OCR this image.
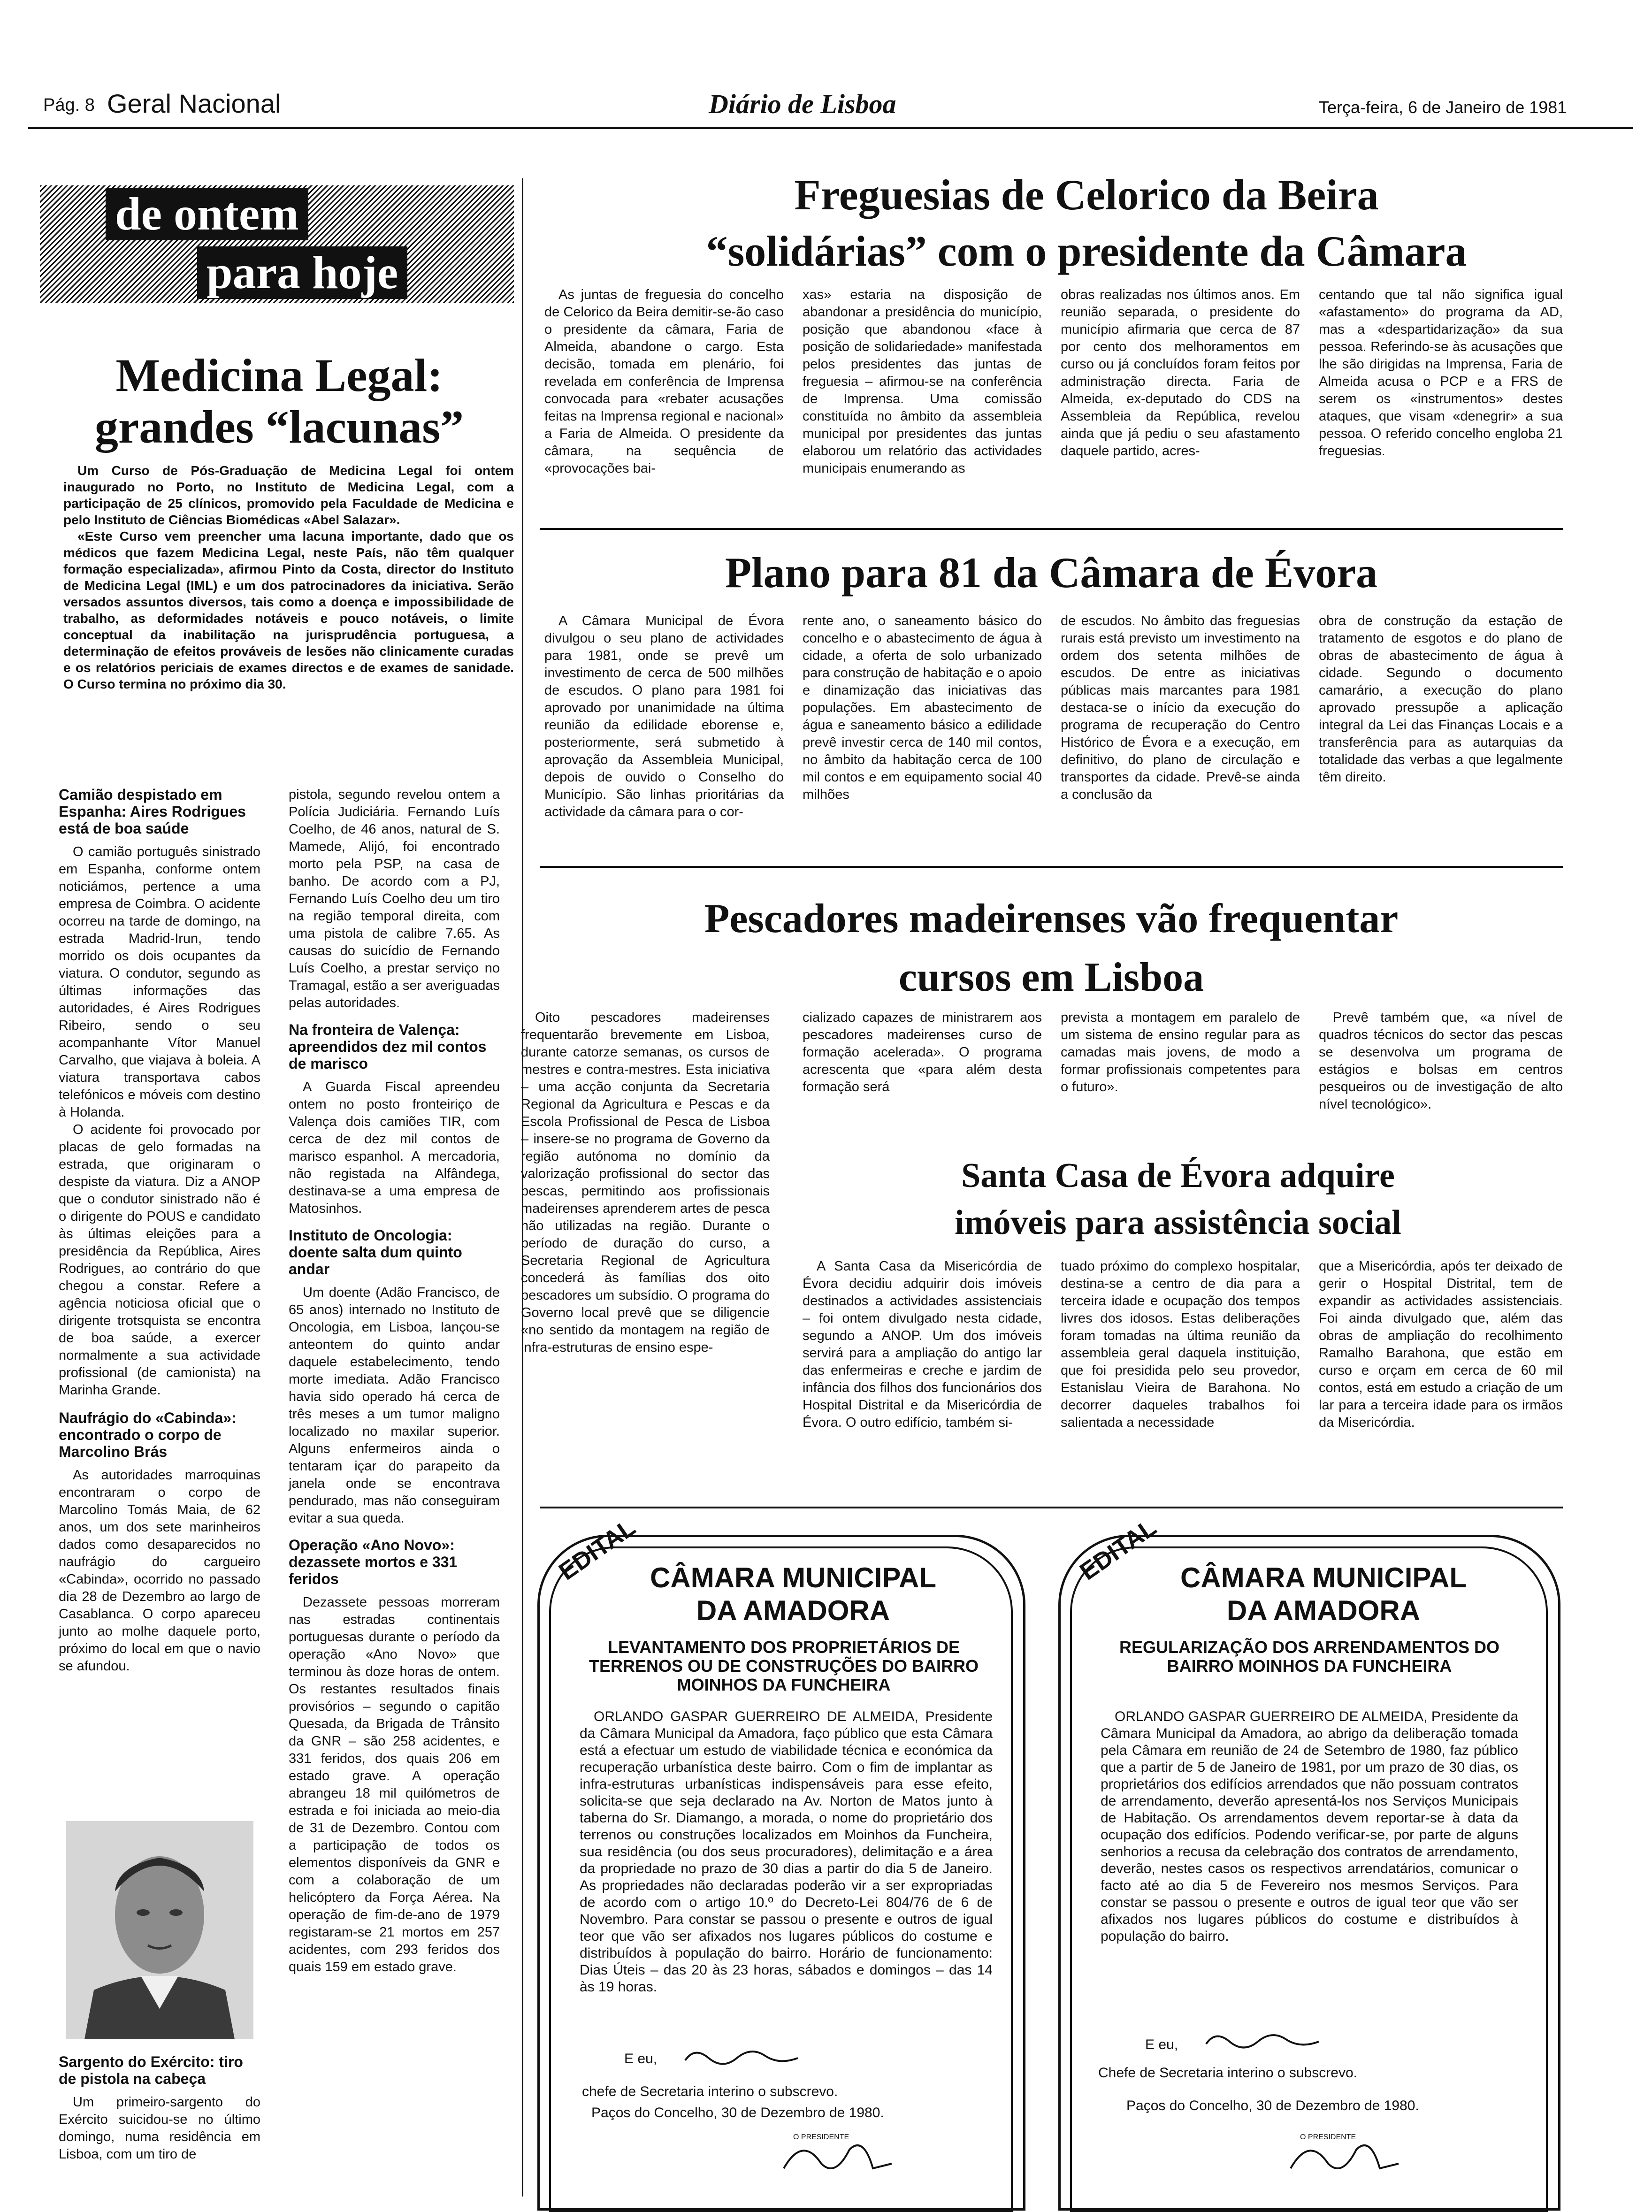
Pág. 8 Geral Nacional	Diário de Lisboa	Terça-feira, 6 de Janeiro de 1981
de ontem
para hoje
Medicina Legal:
grandes “lacunas”

Um Curso de Pós-Graduação de Medicina Legal foi ontem inaugurado no Porto, no Instituto de Medicina Legal, com a participação de 25 clínicos, promovido pela Faculdade de Medicina e pelo Instituto de Ciências Biomédicas «Abel Salazar».

«Este Curso vem preencher uma lacuna importante, dado que os médicos que fazem Medicina Legal, neste País, não têm qualquer formação especializada», afirmou Pinto da Costa, director do Instituto de Medicina Legal (IML) e um dos patrocinadores da iniciativa. Serão versados assuntos diversos, tais como a doença e impossibilidade de trabalho, as deformidades notáveis e pouco notáveis, o limite conceptual da inabilitação na jurisprudência portuguesa, a determinação de efeitos prováveis de lesões não clinicamente curadas e os relatórios periciais de exames directos e de exames de sanidade. O Curso termina no próximo dia 30.

Camião despistado em Espanha: Aires Rodrigues está de boa saúde

O camião português sinistrado em Espanha, conforme ontem noticiámos, pertence a uma empresa de Coimbra. O acidente ocorreu na tarde de domingo, na estrada Madrid-Irun, tendo morrido os dois ocupantes da viatura. O condutor, segundo as últimas informações das autoridades, é Aires Rodrigues Ribeiro, sendo o seu acompanhante Vítor Manuel Carvalho, que viajava à boleia. A viatura transportava cabos telefónicos e móveis com destino à Holanda.

O acidente foi provocado por placas de gelo formadas na estrada, que originaram o despiste da viatura. Diz a ANOP que o condutor sinistrado não é o dirigente do POUS e candidato às últimas eleições para a presidência da República, Aires Rodrigues, ao contrário do que chegou a constar. Refere a agência noticiosa oficial que o dirigente trotsquista se encontra de boa saúde, a exercer normalmente a sua actividade profissional (de camionista) na Marinha Grande.

Naufrágio do «Cabinda»: encontrado o corpo de Marcolino Brás

As autoridades marroquinas encontraram o corpo de Marcolino Tomás Maia, de 62 anos, um dos sete marinheiros dados como desaparecidos no naufrágio do cargueiro «Cabinda», ocorrido no passado dia 28 de Dezembro ao largo de Casablanca. O corpo apareceu junto ao molhe daquele porto, próximo do local em que o navio se afundou.

Sargento do Exército: tiro de pistola na cabeça

Um primeiro-sargento do Exército suicidou-se no último domingo, numa residência em Lisboa, com um tiro de

pistola, segundo revelou ontem a Polícia Judiciária. Fernando Luís Coelho, de 46 anos, natural de S. Mamede, Alijó, foi encontrado morto pela PSP, na casa de banho. De acordo com a PJ, Fernando Luís Coelho deu um tiro na região temporal direita, com uma pistola de calibre 7.65. As causas do suicídio de Fernando Luís Coelho, a prestar serviço no Tramagal, estão a ser averiguadas pelas autoridades.

Na fronteira de Valença: apreendidos dez mil contos de marisco

A Guarda Fiscal apreendeu ontem no posto fronteiriço de Valença dois camiões TIR, com cerca de dez mil contos de marisco espanhol. A mercadoria, não registada na Alfândega, destinava-se a uma empresa de Matosinhos.

Instituto de Oncologia: doente salta dum quinto andar

Um doente (Adão Francisco, de 65 anos) internado no Instituto de Oncologia, em Lisboa, lançou-se anteontem do quinto andar daquele estabelecimento, tendo morte imediata. Adão Francisco havia sido operado há cerca de três meses a um tumor maligno localizado no maxilar superior. Alguns enfermeiros ainda o tentaram içar do parapeito da janela onde se encontrava pendurado, mas não conseguiram evitar a sua queda.

Operação «Ano Novo»: dezassete mortos e 331 feridos

Dezassete pessoas morreram nas estradas continentais portuguesas durante o período da operação «Ano Novo» que terminou às doze horas de ontem. Os restantes resultados finais provisórios – segundo o capitão Quesada, da Brigada de Trânsito da GNR – são 258 acidentes, e 331 feridos, dos quais 206 em estado grave. A operação abrangeu 18 mil quilómetros de estrada e foi iniciada ao meio-dia de 31 de Dezembro. Contou com a participação de todos os elementos disponíveis da GNR e com a colaboração de um helicóptero da Força Aérea. Na operação de fim-de-ano de 1979 registaram-se 21 mortos em 257 acidentes, com 293 feridos dos quais 159 em estado grave.

Freguesias de Celorico da Beira
“solidárias” com o presidente da Câmara

As juntas de freguesia do concelho de Celorico da Beira demitir-se-ão caso o presidente da câmara, Faria de Almeida, abandone o cargo. Esta decisão, tomada em plenário, foi revelada em conferência de Imprensa convocada para «rebater acusações feitas na Imprensa regional e nacional» a Faria de Almeida. O presidente da câmara, na sequência de «provocações bai-

xas» estaria na disposição de abandonar a presidência do município, posição que abandonou «face à posição de solidariedade» manifestada pelos presidentes das juntas de freguesia – afirmou-se na conferência de Imprensa. Uma comissão constituída no âmbito da assembleia municipal por presidentes das juntas elaborou um relatório das actividades municipais enumerando as

obras realizadas nos últimos anos. Em reunião separada, o presidente do município afirmaria que cerca de 87 por cento dos melhoramentos em curso ou já concluídos foram feitos por administração directa. Faria de Almeida, ex-deputado do CDS na Assembleia da República, revelou ainda que já pediu o seu afastamento daquele partido, acres-

centando que tal não significa igual «afastamento» do programa da AD, mas a «despartidarização» da sua pessoa. Referindo-se às acusações que lhe são dirigidas na Imprensa, Faria de Almeida acusa o PCP e a FRS de serem os «instrumentos» destes ataques, que visam «denegrir» a sua pessoa. O referido concelho engloba 21 freguesias.

Plano para 81 da Câmara de Évora

A Câmara Municipal de Évora divulgou o seu plano de actividades para 1981, onde se prevê um investimento de cerca de 500 milhões de escudos. O plano para 1981 foi aprovado por unanimidade na última reunião da edilidade eborense e, posteriormente, será submetido à aprovação da Assembleia Municipal, depois de ouvido o Conselho do Município. São linhas prioritárias da actividade da câmara para o cor-

rente ano, o saneamento básico do concelho e o abastecimento de água à cidade, a oferta de solo urbanizado para construção de habitação e o apoio e dinamização das iniciativas das populações. Em abastecimento de água e saneamento básico a edilidade prevê investir cerca de 140 mil contos, no âmbito da habitação cerca de 100 mil contos e em equipamento social 40 milhões

de escudos. No âmbito das freguesias rurais está previsto um investimento na ordem dos setenta milhões de escudos. De entre as iniciativas públicas mais marcantes para 1981 destaca-se o início da execução do programa de recuperação do Centro Histórico de Évora e a execução, em definitivo, do plano de circulação e transportes da cidade. Prevê-se ainda a conclusão da

obra de construção da estação de tratamento de esgotos e do plano de obras de abastecimento de água à cidade. Segundo o documento camarário, a execução do plano aprovado pressupõe a aplicação integral da Lei das Finanças Locais e a transferência para as autarquias da totalidade das verbas a que legalmente têm direito.

Pescadores madeirenses vão frequentar
cursos em Lisboa

Oito pescadores madeirenses frequentarão brevemente em Lisboa, durante catorze semanas, os cursos de mestres e contra-mestres. Esta iniciativa – uma acção conjunta da Secretaria Regional da Agricultura e Pescas e da Escola Profissional de Pesca de Lisboa – insere-se no programa de Governo da região autónoma no domínio da valorização profissional do sector das pescas, permitindo aos profissionais madeirenses aprenderem artes de pesca não utilizadas na região. Durante o período de duração do curso, a Secretaria Regional de Agricultura concederá às famílias dos oito pescadores um subsídio. O programa do Governo local prevê que se diligencie «no sentido da montagem na região de infra-estruturas de ensino espe-

cializado capazes de ministrarem aos pescadores madeirenses curso de formação acelerada». O programa acrescenta que «para além desta formação será

prevista a montagem em paralelo de um sistema de ensino regular para as camadas mais jovens, de modo a formar profissionais competentes para o futuro».

Prevê também que, «a nível de quadros técnicos do sector das pescas se desenvolva um programa de estágios e bolsas em centros pesqueiros ou de investigação de alto nível tecnológico».

Santa Casa de Évora adquire
imóveis para assistência social

A Santa Casa da Misericórdia de Évora decidiu adquirir dois imóveis destinados a actividades assistenciais – foi ontem divulgado nesta cidade, segundo a ANOP. Um dos imóveis servirá para a ampliação do antigo lar das enfermeiras e creche e jardim de infância dos filhos dos funcionários dos Hospital Distrital e da Misericórdia de Évora. O outro edifício, também si-

tuado próximo do complexo hospitalar, destina-se a centro de dia para a terceira idade e ocupação dos tempos livres dos idosos. Estas deliberações foram tomadas na última reunião da assembleia geral daquela instituição, que foi presidida pelo seu provedor, Estanislau Vieira de Barahona. No decorrer daqueles trabalhos foi salientada a necessidade

que a Misericórdia, após ter deixado de gerir o Hospital Distrital, tem de expandir as actividades assistenciais. Foi ainda divulgado que, além das obras de ampliação do recolhimento Ramalho Barahona, que estão em curso e orçam em cerca de 60 mil contos, está em estudo a criação de um lar para a terceira idade para os irmãos da Misericórdia.

EDITAL CÂMARA MUNICIPAL
DA AMADORA
LEVANTAMENTO DOS PROPRIETÁRIOS DE TERRENOS OU DE CONSTRUÇÕES DO BAIRRO MOINHOS DA FUNCHEIRA

ORLANDO GASPAR GUERREIRO DE ALMEIDA, Presidente da Câmara Municipal da Amadora, faço público que esta Câmara está a efectuar um estudo de viabilidade técnica e económica da recuperação urbanística deste bairro. Com o fim de implantar as infra-estruturas urbanísticas indispensáveis para esse efeito, solicita-se que seja declarado na Av. Norton de Matos junto à taberna do Sr. Diamango, a morada, o nome do proprietário dos terrenos ou construções localizados em Moinhos da Funcheira, sua residência (ou dos seus procuradores), delimitação e a área da propriedade no prazo de 30 dias a partir do dia 5 de Janeiro. As propriedades não declaradas poderão vir a ser expropriadas de acordo com o artigo 10.º do Decreto-Lei 804/76 de 6 de Novembro. Para constar se passou o presente e outros de igual teor que vão ser afixados nos lugares públicos do costume e distribuídos à população do bairro. Horário de funcionamento: Dias Úteis – das 20 às 23 horas, sábados e domingos – das 14 às 19 horas.

E eu,
chefe de Secretaria interino o subscrevo.
Paços do Concelho, 30 de Dezembro de 1980.
O PRESIDENTE
EDITAL CÂMARA MUNICIPAL
DA AMADORA
REGULARIZAÇÃO DOS ARRENDAMENTOS DO BAIRRO MOINHOS DA FUNCHEIRA

ORLANDO GASPAR GUERREIRO DE ALMEIDA, Presidente da Câmara Municipal da Amadora, ao abrigo da deliberação tomada pela Câmara em reunião de 24 de Setembro de 1980, faz público que a partir de 5 de Janeiro de 1981, por um prazo de 30 dias, os proprietários dos edifícios arrendados que não possuam contratos de arrendamento, deverão apresentá-los nos Serviços Municipais de Habitação. Os arrendamentos devem reportar-se à data da ocupação dos edifícios. Podendo verificar-se, por parte de alguns senhorios a recusa da celebração dos contratos de arrendamento, deverão, nestes casos os respectivos arrendatários, comunicar o facto até ao dia 5 de Fevereiro nos mesmos Serviços. Para constar se passou o presente e outros de igual teor que vão ser afixados nos lugares públicos do costume e distribuídos à população do bairro.

E eu,
Chefe de Secretaria interino o subscrevo.
Paços do Concelho, 30 de Dezembro de 1980.
O PRESIDENTE
